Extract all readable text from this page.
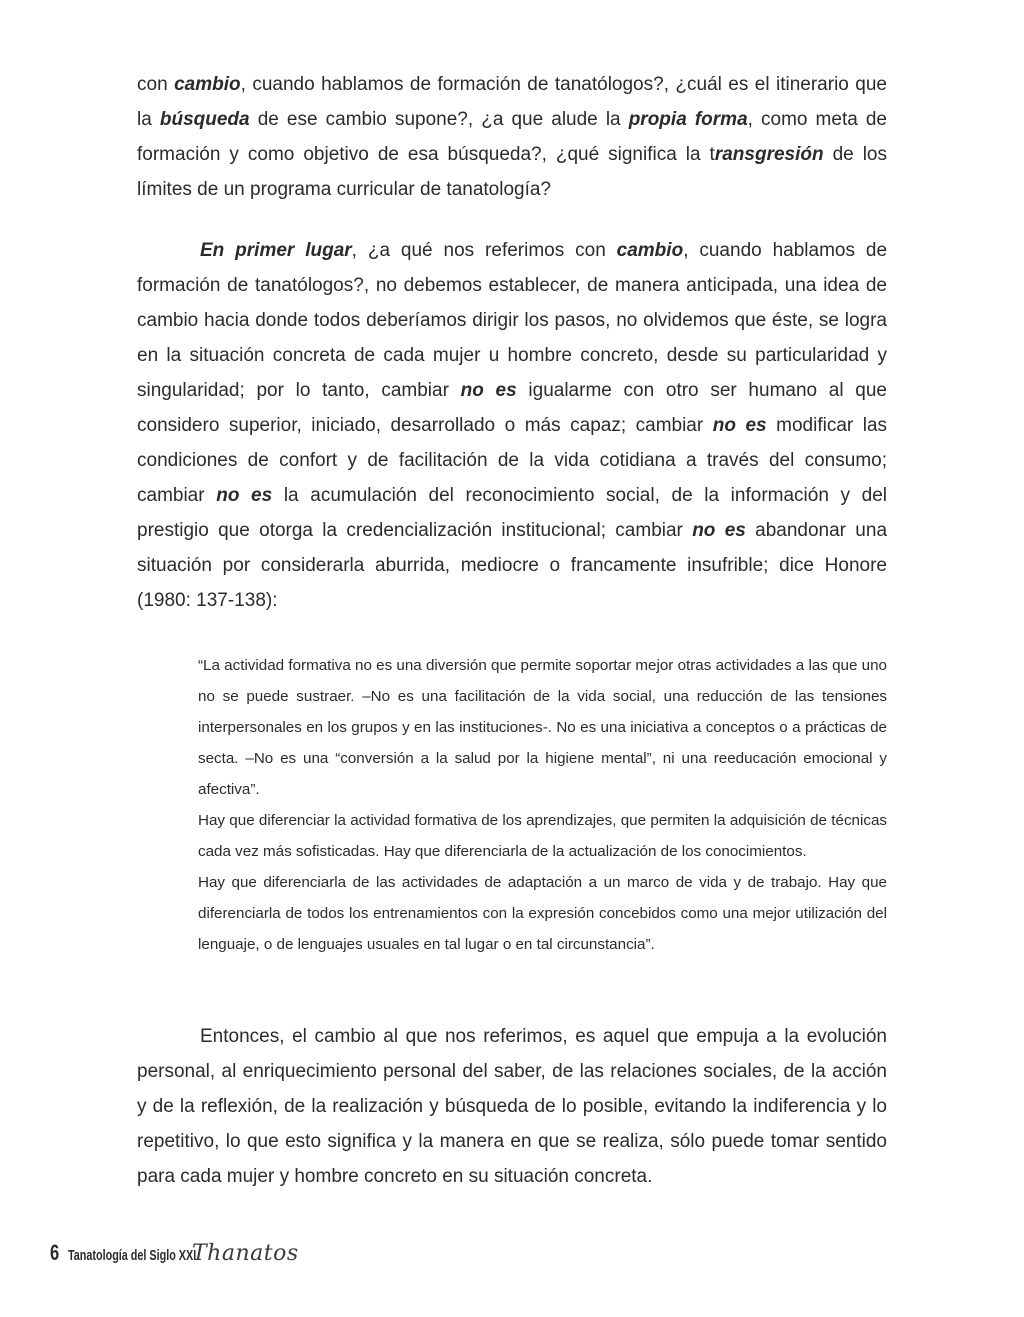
con cambio, cuando hablamos de formación de tanatólogos?, ¿cuál es el itinerario que la búsqueda de ese cambio supone?, ¿a que alude la propia forma, como meta de formación y como objetivo de esa búsqueda?, ¿qué significa la transgresión de los límites de un programa curricular de tanatología?

En primer lugar, ¿a qué nos referimos con cambio, cuando hablamos de formación de tanatólogos?, no debemos establecer, de manera anticipada, una idea de cambio hacia donde todos deberíamos dirigir los pasos, no olvidemos que éste, se logra en la situación concreta de cada mujer u hombre concreto, desde su particularidad y singularidad; por lo tanto, cambiar no es igualarme con otro ser humano al que considero superior, iniciado, desarrollado o más capaz; cambiar no es modificar las condiciones de confort y de facilitación de la vida cotidiana a través del consumo; cambiar no es la acumulación del reconocimiento social, de la información y del prestigio que otorga la credencialización institucional; cambiar no es abandonar una situación por considerarla aburrida, mediocre o francamente insufrible; dice Honore (1980: 137-138):

“La actividad formativa no es una diversión que permite soportar mejor otras actividades a las que uno no se puede sustraer. –No es una facilitación de la vida social, una reducción de las tensiones interpersonales en los grupos y en las instituciones-. No es una iniciativa a conceptos o a prácticas de secta. –No es una “conversión a la salud por la higiene mental”, ni una reeducación emocional y afectiva”.

Hay que diferenciar la actividad formativa de los aprendizajes, que permiten la adquisición de técnicas cada vez más sofisticadas. Hay que diferenciarla de la actualización de los conocimientos.

Hay que diferenciarla de las actividades de adaptación a un marco de vida y de trabajo. Hay que diferenciarla de todos los entrenamientos con la expresión concebidos como una mejor utilización del lenguaje, o de lenguajes usuales en tal lugar o en tal circunstancia”.

Entonces, el cambio al que nos referimos, es aquel que empuja a la evolución personal, al enriquecimiento personal del saber, de las relaciones sociales, de la acción y de la reflexión, de la realización y búsqueda de lo posible, evitando la indiferencia y lo repetitivo, lo que esto significa y la manera en que se realiza, sólo puede tomar sentido para cada mujer y hombre concreto en su situación concreta.

6 Tanatología del Siglo XXI
Thanatos
